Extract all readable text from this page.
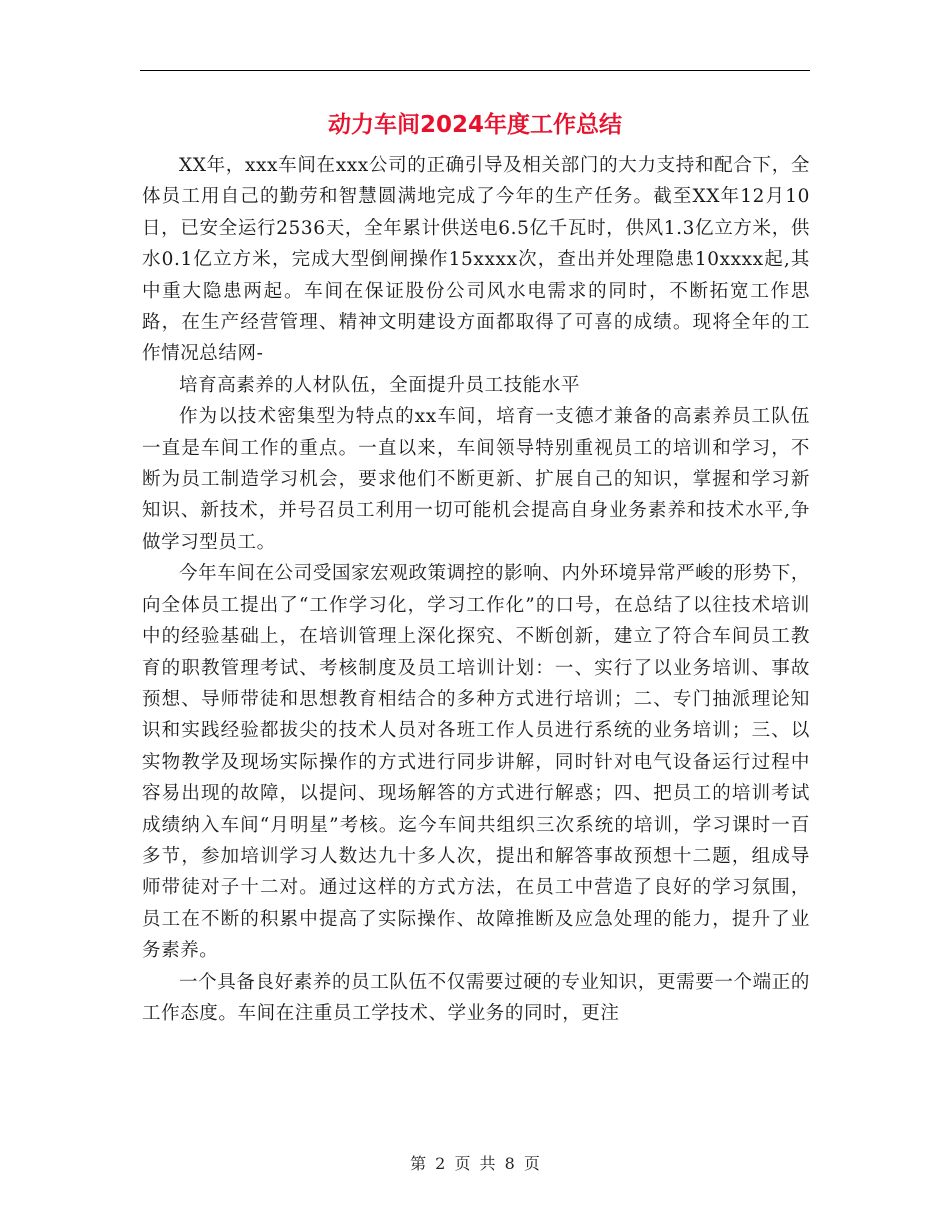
动力车间2024年度工作总结

XX年，xxx车间在xxx公司的正确引导及相关部门的大力支持和配合下，全体员工用自己的勤劳和智慧圆满地完成了今年的生产任务。截至XX年12月10日，已安全运行2536天，全年累计供送电6.5亿千瓦时，供风1.3亿立方米，供水0.1亿立方米，完成大型倒闸操作15xxxx次，查出并处理隐患10xxxx起,其中重大隐患两起。车间在保证股份公司风水电需求的同时，不断拓宽工作思路，在生产经营管理、精神文明建设方面都取得了可喜的成绩。现将全年的工作情况总结网-

培育高素养的人材队伍，全面提升员工技能水平

作为以技术密集型为特点的xx车间，培育一支德才兼备的高素养员工队伍一直是车间工作的重点。一直以来，车间领导特别重视员工的培训和学习，不断为员工制造学习机会，要求他们不断更新、扩展自己的知识，掌握和学习新知识、新技术，并号召员工利用一切可能机会提高自身业务素养和技术水平,争做学习型员工。

今年车间在公司受国家宏观政策调控的影响、内外环境异常严峻的形势下，向全体员工提出了“工作学习化，学习工作化”的口号，在总结了以往技术培训中的经验基础上，在培训管理上深化探究、不断创新，建立了符合车间员工教育的职教管理考试、考核制度及员工培训计划：一、实行了以业务培训、事故预想、导师带徒和思想教育相结合的多种方式进行培训；二、专门抽派理论知识和实践经验都拔尖的技术人员对各班工作人员进行系统的业务培训；三、以实物教学及现场实际操作的方式进行同步讲解，同时针对电气设备运行过程中容易出现的故障，以提问、现场解答的方式进行解惑；四、把员工的培训考试成绩纳入车间“月明星”考核。迄今车间共组织三次系统的培训，学习课时一百多节，参加培训学习人数达九十多人次，提出和解答事故预想十二题，组成导师带徒对子十二对。通过这样的方式方法，在员工中营造了良好的学习氛围，员工在不断的积累中提高了实际操作、故障推断及应急处理的能力，提升了业务素养。

一个具备良好素养的员工队伍不仅需要过硬的专业知识，更需要一个端正的工作态度。车间在注重员工学技术、学业务的同时，更注

第 2 页 共 8 页
